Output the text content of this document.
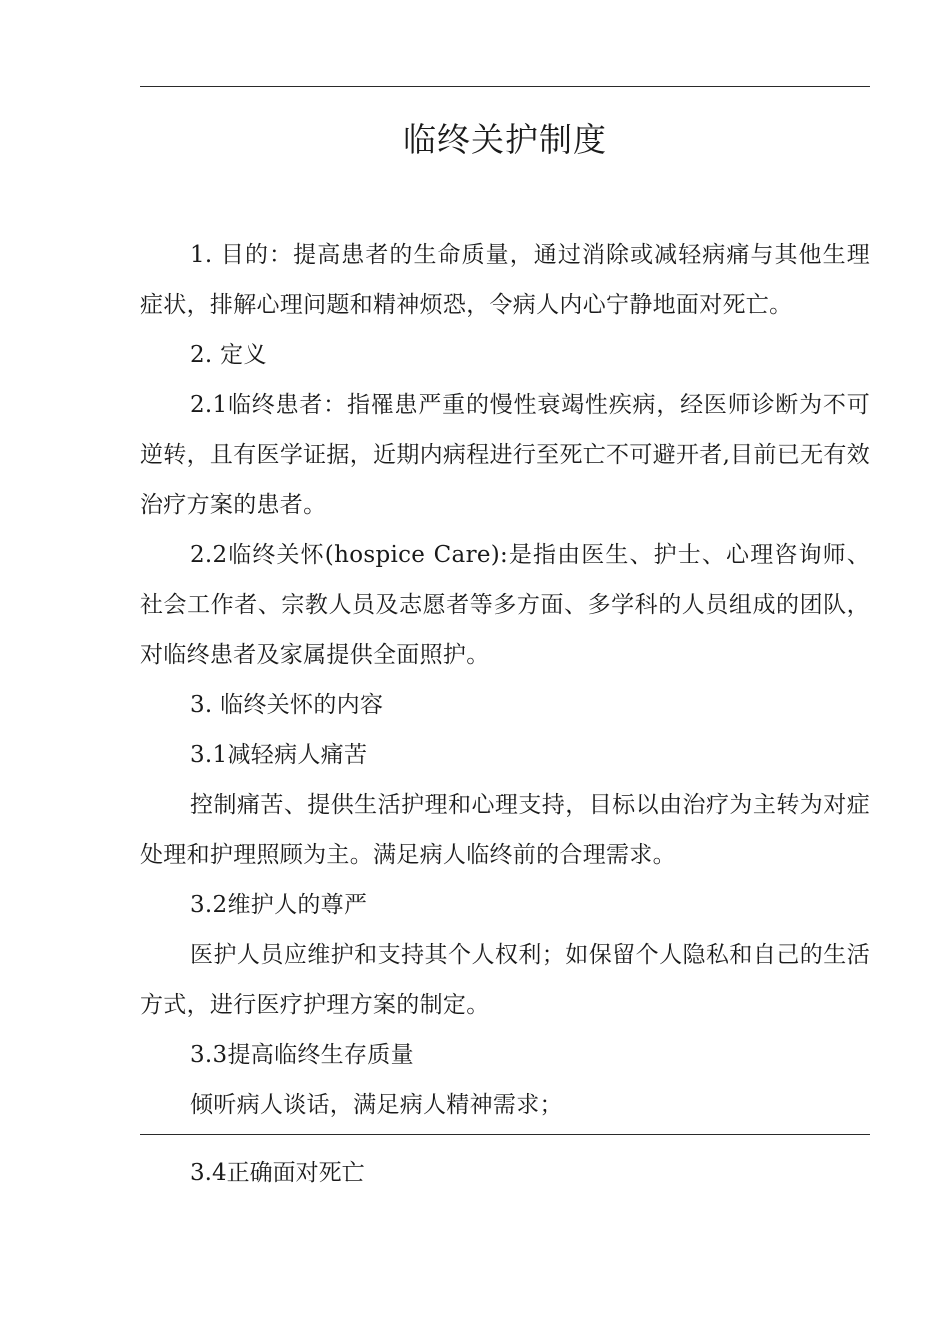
临终关护制度

1. 目的：提高患者的生命质量，通过消除或减轻病痛与其他生理症状，排解心理问题和精神烦恐，令病人内心宁静地面对死亡。

2. 定义

2.1临终患者：指罹患严重的慢性衰竭性疾病，经医师诊断为不可逆转，且有医学证据，近期内病程进行至死亡不可避开者,目前已无有效治疗方案的患者。

2.2临终关怀(hospice Care):是指由医生、护士、心理咨询师、社会工作者、宗教人员及志愿者等多方面、多学科的人员组成的团队，对临终患者及家属提供全面照护。

3. 临终关怀的内容

3.1减轻病人痛苦

控制痛苦、提供生活护理和心理支持，目标以由治疗为主转为对症处理和护理照顾为主。满足病人临终前的合理需求。

3.2维护人的尊严

医护人员应维护和支持其个人权利；如保留个人隐私和自己的生活方式，进行医疗护理方案的制定。

3.3提高临终生存质量

倾听病人谈话，满足病人精神需求；

3.4正确面对死亡
